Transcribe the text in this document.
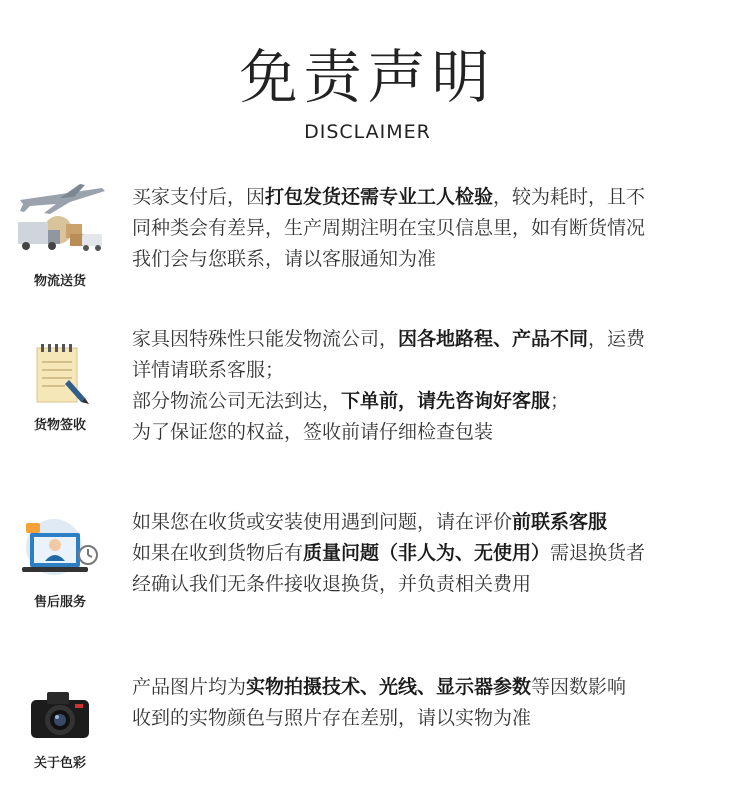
免责声明
DISCLAIMER
物流送货
买家支付后，因打包发货还需专业工人检验，较为耗时，且不
同种类会有差异，生产周期注明在宝贝信息里，如有断货情况
我们会与您联系，请以客服通知为准
货物签收
家具因特殊性只能发物流公司，因各地路程、产品不同，运费
详情请联系客服；
部分物流公司无法到达，下单前，请先咨询好客服；
为了保证您的权益，签收前请仔细检查包装
售后服务
如果您在收货或安装使用遇到问题，请在评价前联系客服
如果在收到货物后有质量问题（非人为、无使用）需退换货者
经确认我们无条件接收退换货，并负责相关费用
关于色彩
产品图片均为实物拍摄技术、光线、显示器参数等因数影响
收到的实物颜色与照片存在差别，请以实物为准
